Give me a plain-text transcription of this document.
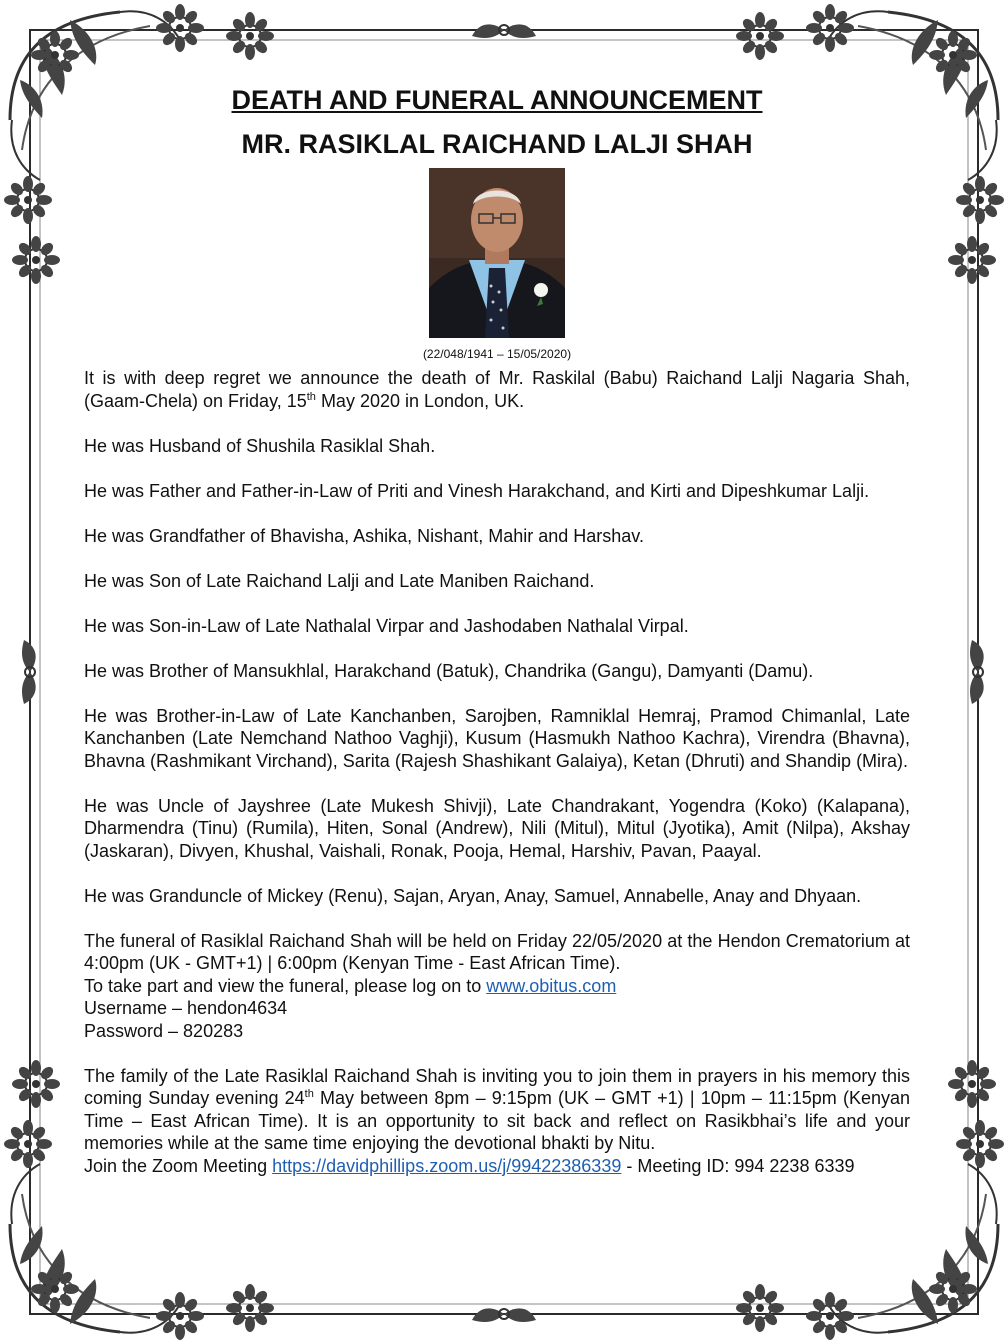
DEATH AND FUNERAL ANNOUNCEMENT
MR. RASIKLAL RAICHAND LALJI SHAH
(22/048/1941 – 15/05/2020)

It is with deep regret we announce the death of Mr. Raskilal (Babu) Raichand Lalji Nagaria Shah, (Gaam-Chela) on Friday, 15th May 2020 in London, UK.

He was Husband of Shushila Rasiklal Shah.

He was Father and Father-in-Law of Priti and Vinesh Harakchand, and Kirti and Dipeshkumar Lalji.

He was Grandfather of Bhavisha, Ashika, Nishant, Mahir and Harshav.

He was Son of Late Raichand Lalji and Late Maniben Raichand.

He was Son-in-Law of Late Nathalal Virpar and Jashodaben Nathalal Virpal.

He was Brother of Mansukhlal, Harakchand (Batuk), Chandrika (Gangu), Damyanti (Damu).

He was Brother-in-Law of Late Kanchanben, Sarojben, Ramniklal Hemraj, Pramod Chimanlal, Late Kanchanben (Late Nemchand Nathoo Vaghji), Kusum (Hasmukh Nathoo Kachra), Virendra (Bhavna), Bhavna (Rashmikant Virchand), Sarita (Rajesh Shashikant Galaiya), Ketan (Dhruti) and Shandip (Mira).

He was Uncle of Jayshree (Late Mukesh Shivji), Late Chandrakant, Yogendra (Koko) (Kalapana), Dharmendra (Tinu) (Rumila), Hiten, Sonal (Andrew), Nili (Mitul), Mitul (Jyotika), Amit (Nilpa), Akshay (Jaskaran), Divyen, Khushal, Vaishali, Ronak, Pooja, Hemal, Harshiv, Pavan, Paayal.

He was Granduncle of Mickey (Renu), Sajan, Aryan, Anay, Samuel, Annabelle, Anay and Dhyaan.

The funeral of Rasiklal Raichand Shah will be held on Friday 22/05/2020 at the Hendon Crematorium at 4:00pm (UK - GMT+1) | 6:00pm (Kenyan Time - East African Time).

To take part and view the funeral, please log on to www.obitus.com

Username – hendon4634

Password – 820283

The family of the Late Rasiklal Raichand Shah is inviting you to join them in prayers in his memory this coming Sunday evening 24th May between 8pm – 9:15pm (UK – GMT +1) | 10pm – 11:15pm (Kenyan Time – East African Time). It is an opportunity to sit back and reflect on Rasikbhai’s life and your memories while at the same time enjoying the devotional bhakti by Nitu.

Join the Zoom Meeting https://davidphillips.zoom.us/j/99422386339 - Meeting ID: 994 2238 6339
